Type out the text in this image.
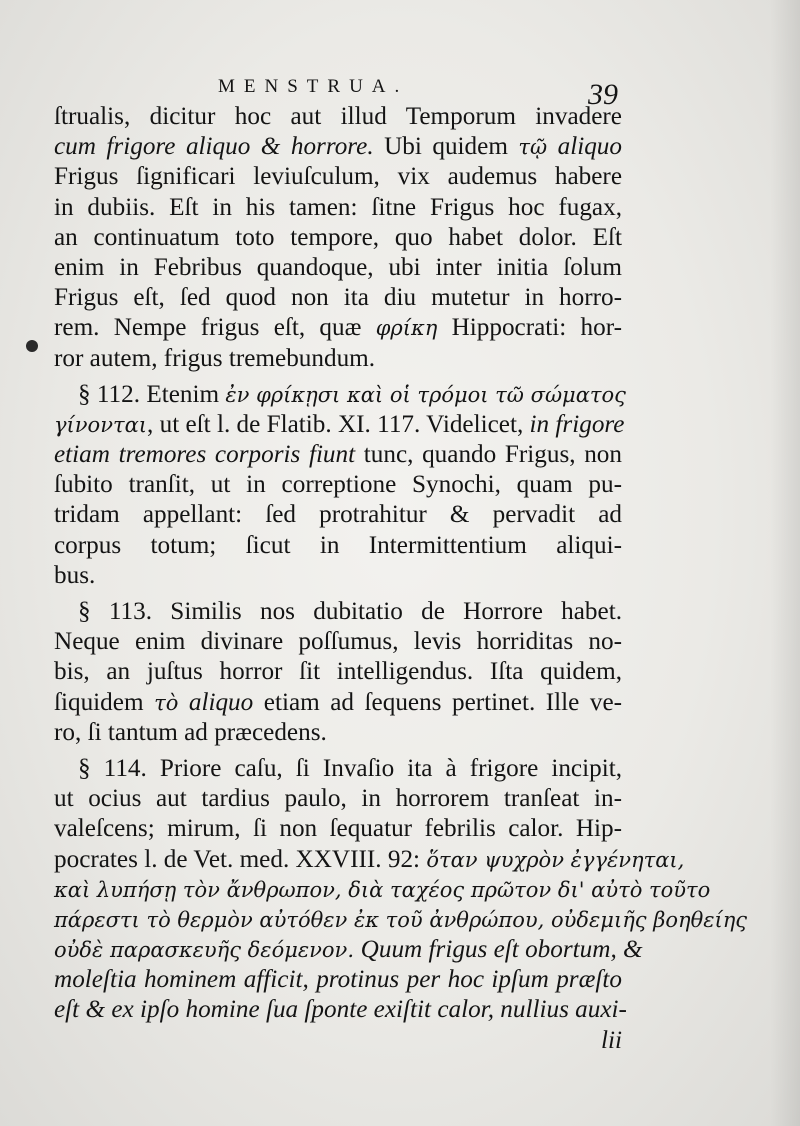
MENSTRUA.	39
ſtrualis, dicitur hoc aut illud Temporum invadere
cum frigore aliquo & horrore. Ubi quidem τῷ aliquo
Frigus ſignificari leviuſculum, vix audemus habere
in dubiis. Eſt in his tamen: ſitne Frigus hoc fugax,
an continuatum toto tempore, quo habet dolor. Eſt
enim in Febribus quandoque, ubi inter initia ſolum
Frigus eſt, ſed quod non ita diu mutetur in horro-
rem. Nempe frigus eſt, quæ φρίκη Hippocrati: hor-
ror autem, frigus tremebundum.
§ 112. Etenim ἐν φρίκῃσι καὶ οἱ τρόμοι τῶ σώματος
γίνονται, ut eſt l. de Flatib. XI. 117. Videlicet, in frigore
etiam tremores corporis fiunt tunc, quando Frigus, non
ſubito tranſit, ut in correptione Synochi, quam pu-
tridam appellant: ſed protrahitur & pervadit ad
corpus totum; ſicut in Intermittentium aliqui-
bus.
§ 113. Similis nos dubitatio de Horrore habet.
Neque enim divinare poſſumus, levis horriditas no-
bis, an juſtus horror ſit intelligendus. Iſta quidem,
ſiquidem τὸ aliquo etiam ad ſequens pertinet. Ille ve-
ro, ſi tantum ad præcedens.
§ 114. Priore caſu, ſi Invaſio ita à frigore incipit,
ut ocius aut tardius paulo, in horrorem tranſeat in-
valeſcens; mirum, ſi non ſequatur febrilis calor. Hip-
pocrates l. de Vet. med. XXVIII. 92: ὅταν ψυχρὸν ἐγγένηται,
καὶ λυπήσῃ τὸν ἄνθρωπον, διὰ ταχέος πρῶτον δι' αὐτὸ τοῦτο
πάρεστι τὸ θερμὸν αὐτόθεν ἐκ τοῦ ἀνθρώπου, οὐδεμιῆς βοηθείης
οὐδὲ παρασκευῆς δεόμενον. Quum frigus eſt obortum, &
moleſtia hominem afficit, protinus per hoc ipſum præſto
eſt & ex ipſo homine ſua ſponte exiſtit calor, nullius auxi-
lii
